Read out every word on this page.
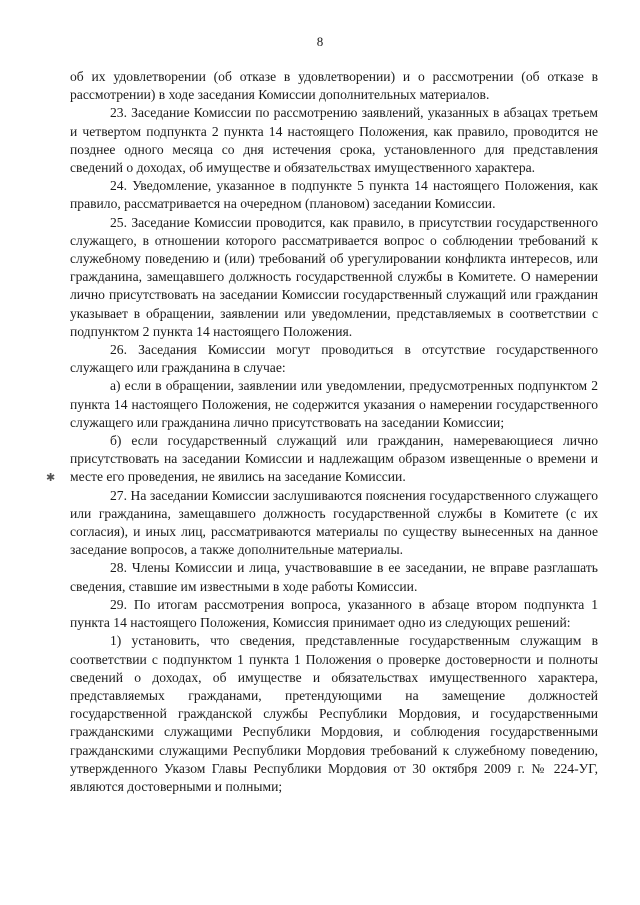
8
✱

об их удовлетворении (об отказе в удовлетворении) и о рассмотрении (об отказе в рассмотрении) в ходе заседания Комиссии дополнительных материалов.

23. Заседание Комиссии по рассмотрению заявлений, указанных в абзацах третьем и четвертом подпункта 2 пункта 14 настоящего Положения, как правило, проводится не позднее одного месяца со дня истечения срока, установленного для представления сведений о доходах, об имуществе и обязательствах имущественного характера.

24. Уведомление, указанное в подпункте 5 пункта 14 настоящего Положения, как правило, рассматривается на очередном (плановом) заседании Комиссии.

25. Заседание Комиссии проводится, как правило, в присутствии государственного служащего, в отношении которого рассматривается вопрос о соблюдении требований к служебному поведению и (или) требований об урегулировании конфликта интересов, или гражданина, замещавшего должность государственной службы в Комитете. О намерении лично присутствовать на заседании Комиссии государственный служащий или гражданин указывает в обращении, заявлении или уведомлении, представляемых в соответствии с подпунктом 2 пункта 14 настоящего Положения.

26. Заседания Комиссии могут проводиться в отсутствие государственного служащего или гражданина в случае:

а) если в обращении, заявлении или уведомлении, предусмотренных подпунктом 2 пункта 14 настоящего Положения, не содержится указания о намерении государственного служащего или гражданина лично присутствовать на заседании Комиссии;

б) если государственный служащий или гражданин, намеревающиеся лично присутствовать на заседании Комиссии и надлежащим образом извещенные о времени и месте его проведения, не явились на заседание Комиссии.

27. На заседании Комиссии заслушиваются пояснения государственного служащего или гражданина, замещавшего должность государственной службы в Комитете (с их согласия), и иных лиц, рассматриваются материалы по существу вынесенных на данное заседание вопросов, а также дополнительные материалы.

28. Члены Комиссии и лица, участвовавшие в ее заседании, не вправе разглашать сведения, ставшие им известными в ходе работы Комиссии.

29. По итогам рассмотрения вопроса, указанного в абзаце втором подпункта 1 пункта 14 настоящего Положения, Комиссия принимает одно из следующих решений:

1) установить, что сведения, представленные государственным служащим в соответствии с подпунктом 1 пункта 1 Положения о проверке достоверности и полноты сведений о доходах, об имуществе и обязательствах имущественного характера, представляемых гражданами, претендующими на замещение должностей государственной гражданской службы Республики Мордовия, и государственными гражданскими служащими Республики Мордовия, и соблюдения государственными гражданскими служащими Республики Мордовия требований к служебному поведению, утвержденного Указом Главы Республики Мордовия от 30 октября 2009 г. № 224-УГ, являются достоверными и полными;
